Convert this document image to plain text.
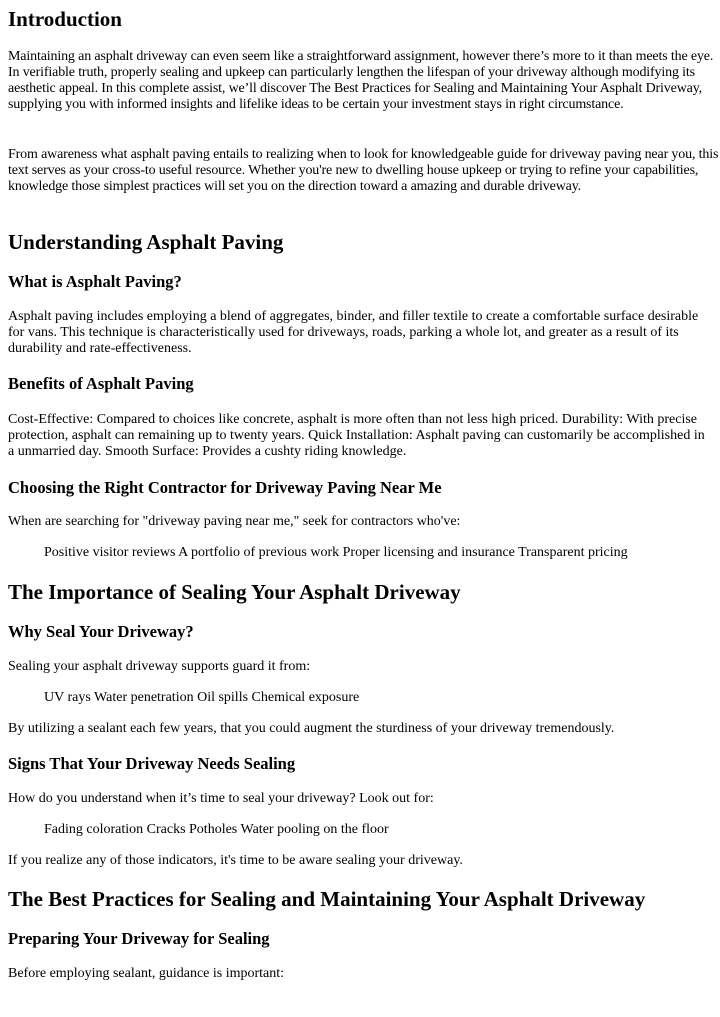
Introduction

Maintaining an asphalt driveway can even seem like a straightforward assignment, however there’s more to it than meets the eye. In verifiable truth, properly sealing and upkeep can particularly lengthen the lifespan of your driveway although modifying its aesthetic appeal. In this complete assist, we’ll discover The Best Practices for Sealing and Maintaining Your Asphalt Driveway, supplying you with informed insights and lifelike ideas to be certain your investment stays in right circumstance.

From awareness what asphalt paving entails to realizing when to look for knowledgeable guide for driveway paving near you, this text serves as your cross-to useful resource. Whether you're new to dwelling house upkeep or trying to refine your capabilities, knowledge those simplest practices will set you on the direction toward a amazing and durable driveway.

Understanding Asphalt Paving
What is Asphalt Paving?

Asphalt paving includes employing a blend of aggregates, binder, and filler textile to create a comfortable surface desirable for vans. This technique is characteristically used for driveways, roads, parking a whole lot, and greater as a result of its durability and rate-effectiveness.

Benefits of Asphalt Paving

Cost-Effective: Compared to choices like concrete, asphalt is more often than not less high priced. Durability: With precise protection, asphalt can remaining up to twenty years. Quick Installation: Asphalt paving can customarily be accomplished in a unmarried day. Smooth Surface: Provides a cushty riding knowledge.

Choosing the Right Contractor for Driveway Paving Near Me

When are searching for "driveway paving near me," seek for contractors who've:

Positive visitor reviews A portfolio of previous work Proper licensing and insurance Transparent pricing

The Importance of Sealing Your Asphalt Driveway
Why Seal Your Driveway?

Sealing your asphalt driveway supports guard it from:

UV rays Water penetration Oil spills Chemical exposure

By utilizing a sealant each few years, that you could augment the sturdiness of your driveway tremendously.

Signs That Your Driveway Needs Sealing

How do you understand when it’s time to seal your driveway? Look out for:

Fading coloration Cracks Potholes Water pooling on the floor

If you realize any of those indicators, it's time to be aware sealing your driveway.

The Best Practices for Sealing and Maintaining Your Asphalt Driveway
Preparing Your Driveway for Sealing

Before employing sealant, guidance is important:
